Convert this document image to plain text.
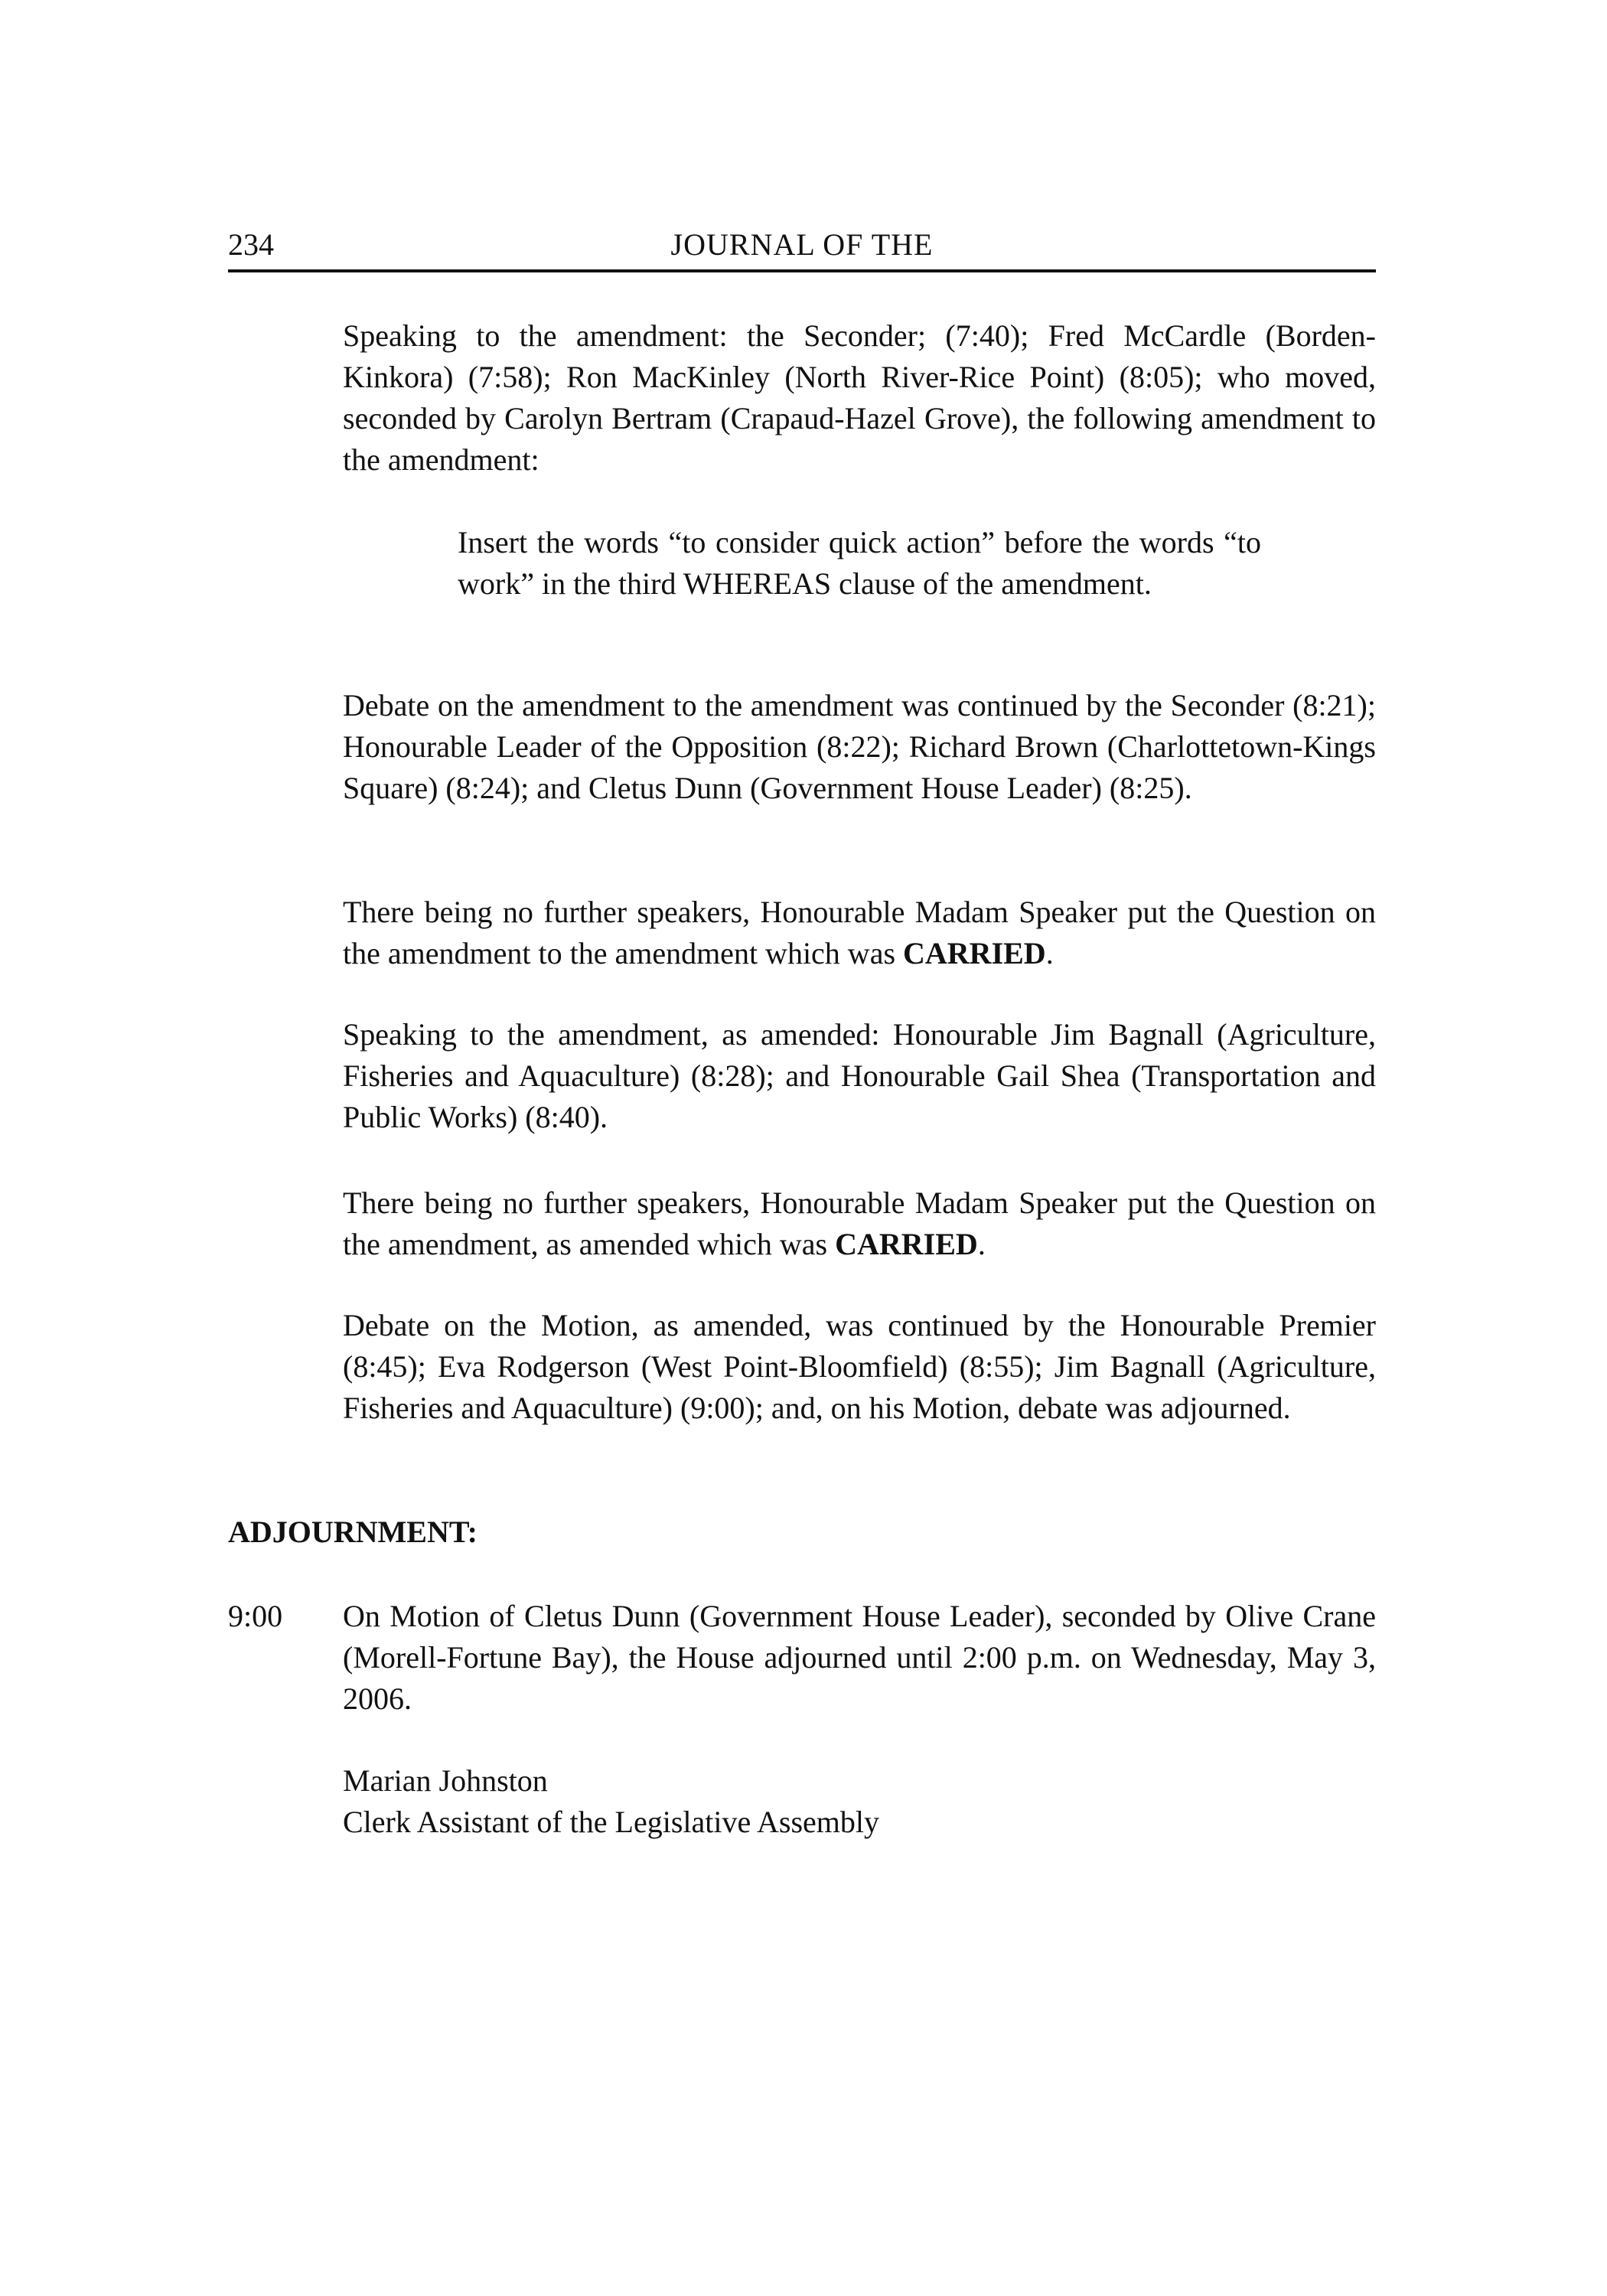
234	JOURNAL OF THE

Speaking to the amendment: the Seconder; (7:40); Fred McCardle (Borden-Kinkora) (7:58); Ron MacKinley (North River-Rice Point) (8:05); who moved, seconded by Carolyn Bertram (Crapaud-Hazel Grove), the following amendment to the amendment:

Insert the words “to consider quick action” before the words “to work” in the third WHEREAS clause of the amendment.

Debate on the amendment to the amendment was continued by the Seconder (8:21); Honourable Leader of the Opposition (8:22); Richard Brown (Charlottetown-Kings Square) (8:24); and Cletus Dunn (Government House Leader) (8:25).

There being no further speakers, Honourable Madam Speaker put the Question on the amendment to the amendment which was CARRIED.

Speaking to the amendment, as amended: Honourable Jim Bagnall (Agriculture, Fisheries and Aquaculture) (8:28); and Honourable Gail Shea (Transportation and Public Works) (8:40).

There being no further speakers, Honourable Madam Speaker put the Question on the amendment, as amended which was CARRIED.

Debate on the Motion, as amended, was continued by the Honourable Premier (8:45); Eva Rodgerson (West Point-Bloomfield) (8:55); Jim Bagnall (Agriculture, Fisheries and Aquaculture) (9:00); and, on his Motion, debate was adjourned.

ADJOURNMENT:
9:00 On Motion of Cletus Dunn (Government House Leader), seconded by Olive Crane (Morell-Fortune Bay), the House adjourned until 2:00 p.m. on Wednesday, May 3, 2006.

Marian Johnston
Clerk Assistant of the Legislative Assembly
